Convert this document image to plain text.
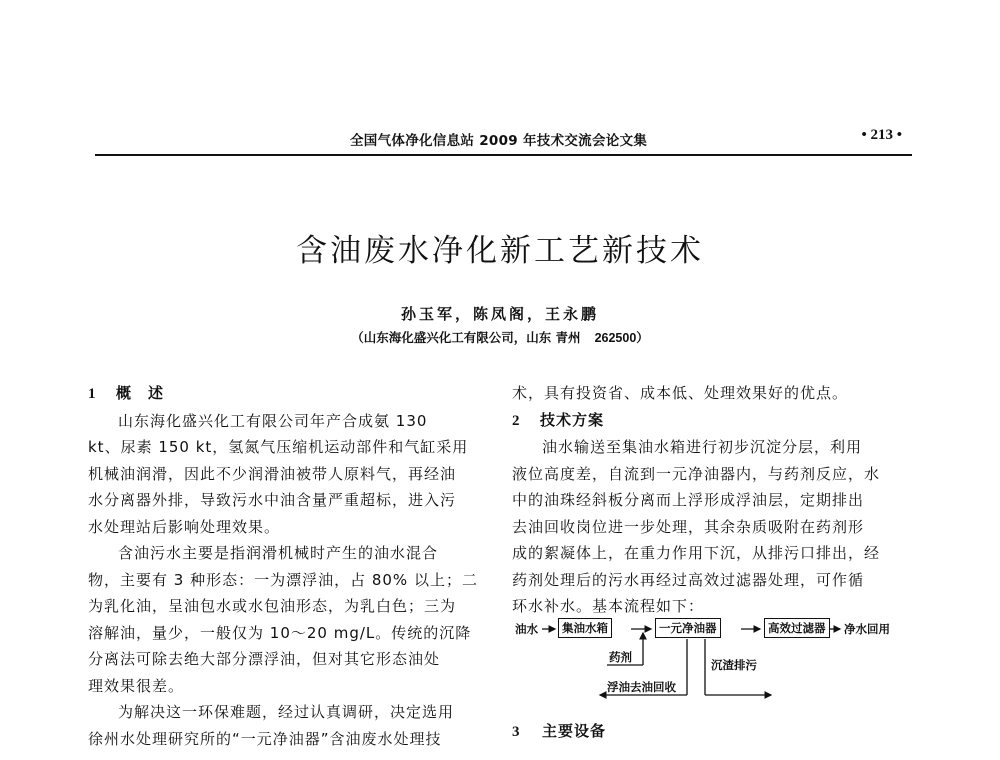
全国气体净化信息站 2009 年技术交流会论文集	• 213 •
含油废水净化新工艺新技术
孙玉军，陈凤阁，王永鹏
（山东海化盛兴化工有限公司，山东 青州 262500）
1 概　述
山东海化盛兴化工有限公司年产合成氨 130
kt、尿素 150 kt，氢氮气压缩机运动部件和气缸采用
机械油润滑，因此不少润滑油被带人原料气，再经油
水分离器外排，导致污水中油含量严重超标，进入污
水处理站后影响处理效果。
含油污水主要是指润滑机械时产生的油水混合
物，主要有 3 种形态：一为漂浮油，占 80% 以上；二
为乳化油，呈油包水或水包油形态，为乳白色；三为
溶解油，量少，一般仅为 10～20 mg/L。传统的沉降
分离法可除去绝大部分漂浮油，但对其它形态油处
理效果很差。
为解决这一环保难题，经过认真调研，决定选用
徐州水处理研究所的“一元净油器”含油废水处理技
术，具有投资省、成本低、处理效果好的优点。
2 技术方案
油水输送至集油水箱进行初步沉淀分层，利用
液位高度差，自流到一元净油器内，与药剂反应，水
中的油珠经斜板分离而上浮形成浮油层，定期排出
去油回收岗位进一步处理，其余杂质吸附在药剂形
成的絮凝体上，在重力作用下沉，从排污口排出，经
药剂处理后的污水再经过高效过滤器处理，可作循
环水补水。基本流程如下：
油水	集油水箱	一元净油器	高效过滤器	净水回用
药剂
沉渣排污
浮油去油回收
3 主要设备
